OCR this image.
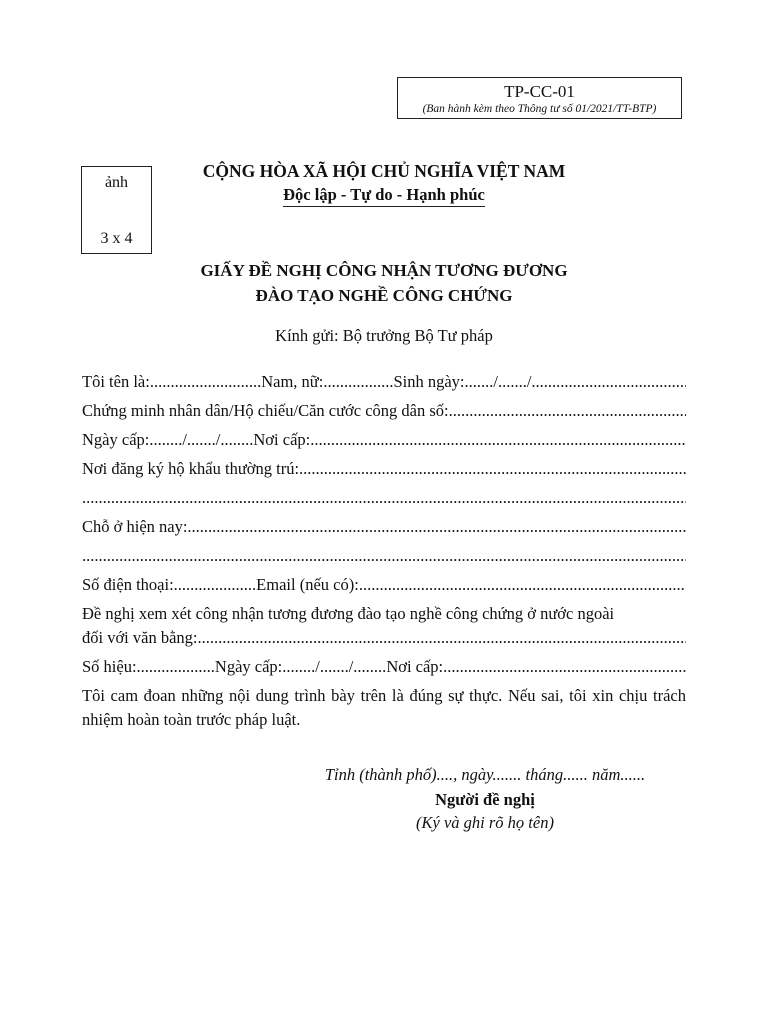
TP-CC-01
(Ban hành kèm theo Thông tư số 01/2021/TT-BTP)
ảnh
3 x 4
CỘNG HÒA XÃ HỘI CHỦ NGHĨA VIỆT NAM
Độc lập - Tự do - Hạnh phúc
GIẤY ĐỀ NGHỊ CÔNG NHẬN TƯƠNG ĐƯƠNG
ĐÀO TẠO NGHỀ CÔNG CHỨNG
Kính gửi: Bộ trưởng Bộ Tư pháp
Tôi tên là: ........................... Nam, nữ: ................. Sinh ngày:......./......./
.....
Chứng minh nhân dân/Hộ chiếu/Căn cước công dân số:
.....
Ngày cấp:......../......./........ Nơi cấp:
.....
Nơi đăng ký hộ khẩu thường trú:
.....
.....
Chỗ ở hiện nay:
.....
.....
Số điện thoại: .................... Email (nếu có):
.....
Đề nghị xem xét công nhận tương đương đào tạo nghề công chứng ở nước ngoài
đối với văn bằng:
.....
Số hiệu: ................... Ngày cấp:......../......./........ Nơi cấp:
.....
Tôi cam đoan những nội dung trình bày trên là đúng sự thực. Nếu sai, tôi xin chịu trách nhiệm hoàn toàn trước pháp luật.
Tỉnh (thành phố)...., ngày....... tháng...... năm......
Người đề nghị
(Ký và ghi rõ họ tên)
